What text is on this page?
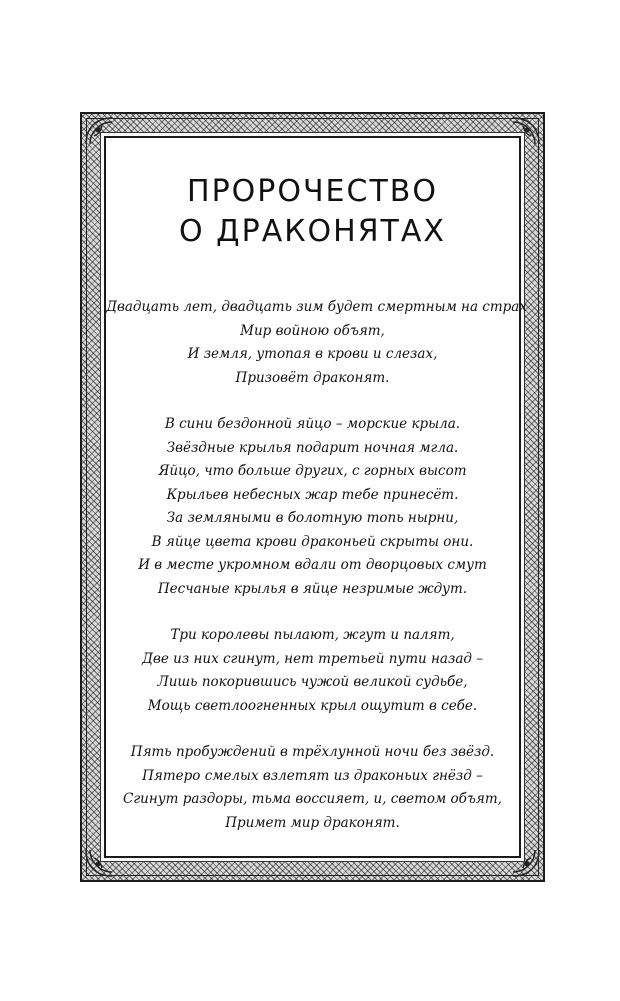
ПРОРОЧЕСТВО
О ДРАКОНЯТАХ
Двадцать лет, двадцать зим будет смертным на страх
Мир войною объят,
И земля, утопая в крови и слезах,
Призовёт драконят.
В сини бездонной яйцо – морские крыла.
Звёздные крылья подарит ночная мгла.
Яйцо, что больше других, с горных высот
Крыльев небесных жар тебе принесёт.
За земляными в болотную топь нырни,
В яйце цвета крови драконьей скрыты они.
И в месте укромном вдали от дворцовых смут
Песчаные крылья в яйце незримые ждут.
Три королевы пылают, жгут и палят,
Две из них сгинут, нет третьей пути назад –
Лишь покорившись чужой великой судьбе,
Мощь светлоогненных крыл ощутит в себе.
Пять пробуждений в трёхлунной ночи без звёзд.
Пятеро смелых взлетят из драконьих гнёзд –
Сгинут раздоры, тьма воссияет, и, светом объят,
Примет мир драконят.
